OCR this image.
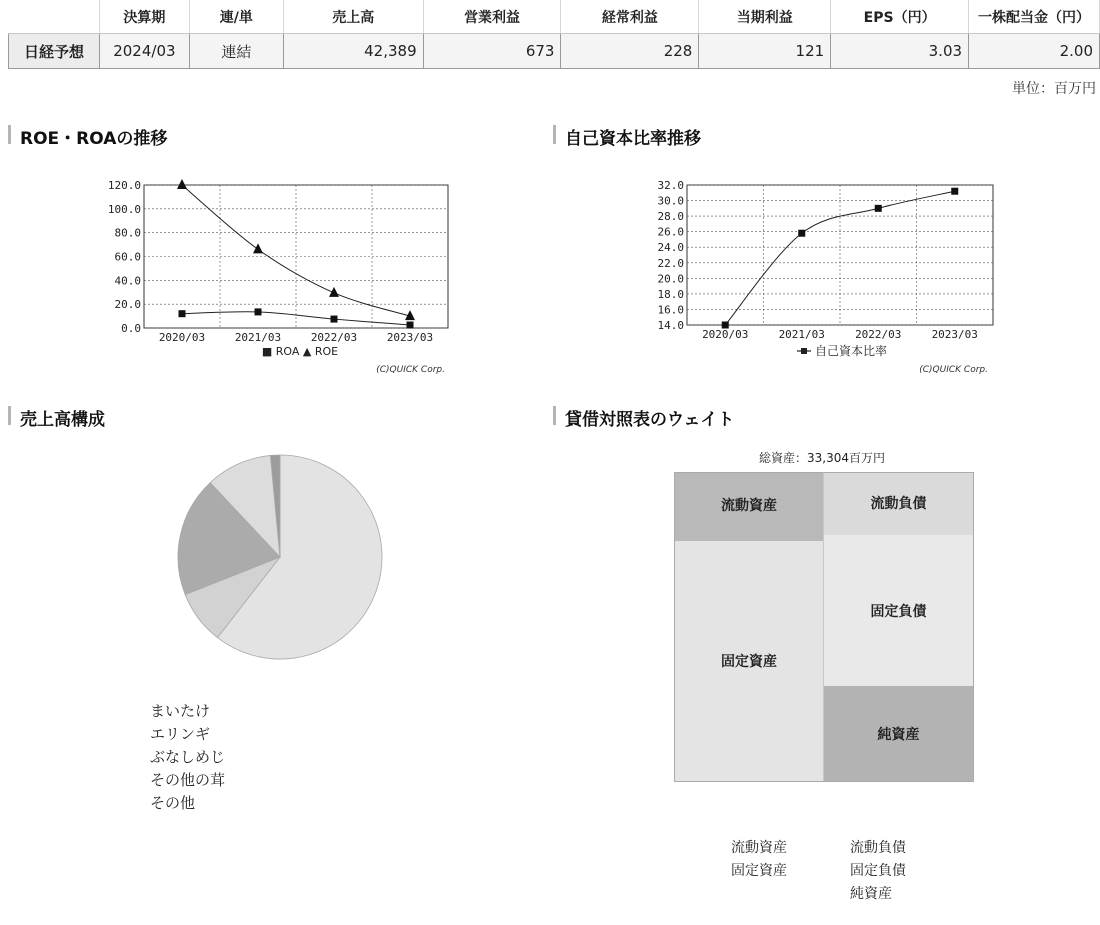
	決算期	連/単	売上高	営業利益	経常利益	当期利益	EPS（円）	一株配当金（円）
日経予想	2024/03	連結	42,389	673	228	121	3.03	2.00
単位：百万円
ROE・ROAの推移	自己資本比率推移
売上高構成	貸借対照表のウェイト
0.0
20.0
40.0
60.0
80.0
100.0
120.0
2020/03	2021/03	2022/03	2023/03
■ ROA ▲ ROE
(C)QUICK Corp.
14.0
16.0
18.0
20.0
22.0
24.0
26.0
28.0
30.0
32.0
2020/03	2021/03	2022/03	2023/03
自己資本比率
(C)QUICK Corp.
まいたけ
エリンギ
ぶなしめじ
その他の茸
その他
総資産：33,304百万円
流動資産
固定資産
流動負債
固定負債
純資産
流動資産
固定資産
流動負債
固定負債
純資産
